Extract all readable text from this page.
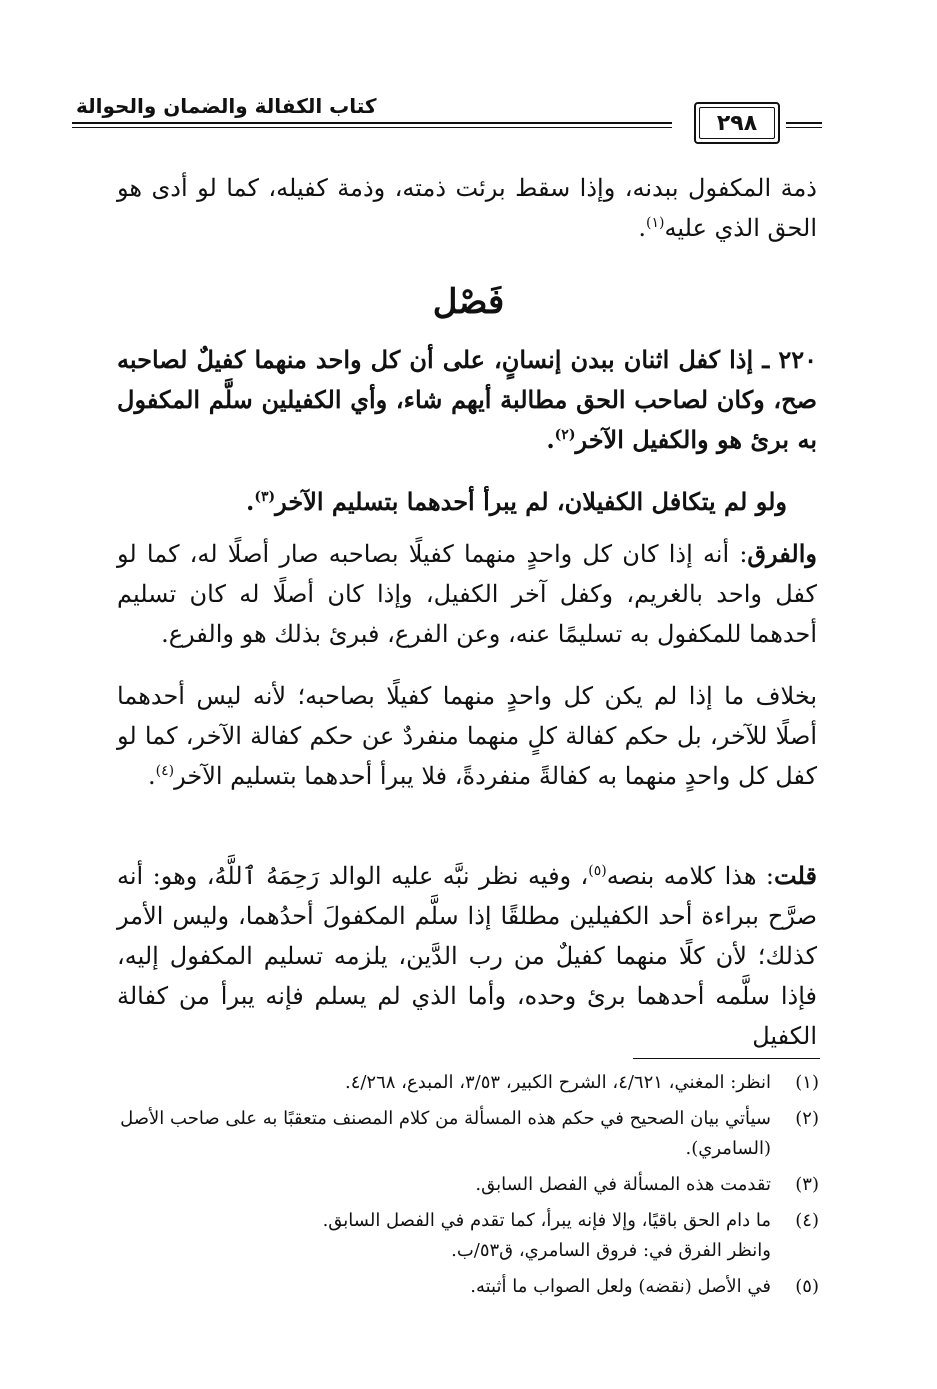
كتاب الكفالة والضمان والحوالة
٢٩٨
ذمة المكفول ببدنه، وإذا سقط برئت ذمته، وذمة كفيله، كما لو أدى هو الحق الذي عليه$^{(١)}$.
فَصْل
٢٢٠ ـ إذا كفل اثنان ببدن إنسانٍ، على أن كل واحد منهما كفيلٌ لصاحبه صح، وكان لصاحب الحق مطالبة أيهم شاء، وأي الكفيلين سلَّم المكفول به برئ هو والكفيل الآخر$^{(٢)}$.
ولو لم يتكافل الكفيلان، لم يبرأ أحدهما بتسليم الآخر$^{(٣)}$.
والفرق: أنه إذا كان كل واحدٍ منهما كفيلًا بصاحبه صار أصلًا له، كما لو كفل واحد بالغريم، وكفل آخر الكفيل، وإذا كان أصلًا له كان تسليم أحدهما للمكفول به تسليمًا عنه، وعن الفرع، فبرئ بذلك هو والفرع.
بخلاف ما إذا لم يكن كل واحدٍ منهما كفيلًا بصاحبه؛ لأنه ليس أحدهما أصلًا للآخر، بل حكم كفالة كلٍ منهما منفردٌ عن حكم كفالة الآخر، كما لو كفل كل واحدٍ منهما به كفالةً منفردةً، فلا يبرأ أحدهما بتسليم الآخر$^{(٤)}$.
قلت: هذا كلامه بنصه$^{(٥)}$، وفيه نظر نبَّه عليه الوالد رَحِمَهُ ٱللَّهُ، وهو: أنه صرَّح ببراءة أحد الكفيلين مطلقًا إذا سلَّم المكفولَ أحدُهما، وليس الأمر كذلك؛ لأن كلًا منهما كفيلٌ من رب الدَّين، يلزمه تسليم المكفول إليه، فإذا سلَّمه أحدهما برئ وحده، وأما الذي لم يسلم فإنه يبرأ من كفالة الكفيل
(١)
انظر: المغني، ٤/٦٢١، الشرح الكبير، ٣/٥٣، المبدع، ٤/٢٦٨.
(٢)
سيأتي بيان الصحيح في حكم هذه المسألة من كلام المصنف متعقبًا به على صاحب الأصل (السامري).
(٣)
تقدمت هذه المسألة في الفصل السابق.
(٤)
ما دام الحق باقيًا، وإلا فإنه يبرأ، كما تقدم في الفصل السابق.
وانظر الفرق في: فروق السامري، ق٥٣/ب.
(٥)
في الأصل (نقضه) ولعل الصواب ما أثبته.
